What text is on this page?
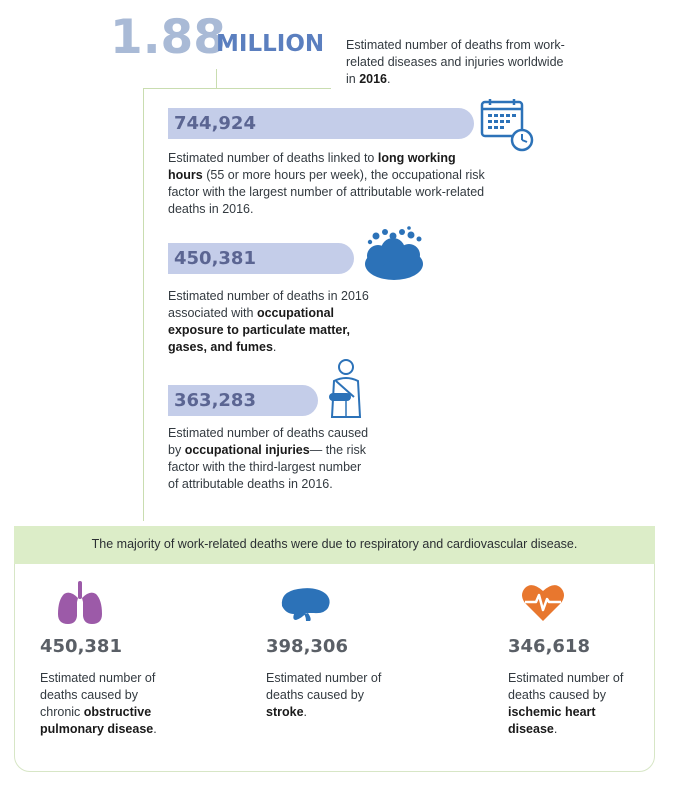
1.88
MILLION Estimated number of deaths from work-related diseases and injuries worldwide in 2016.
744,924
Estimated number of deaths linked to long working hours (55 or more hours per week), the occupational risk factor with the largest number of attributable work-related deaths in 2016.
450,381
Estimated number of deaths in 2016 associated with occupational exposure to particulate matter, gases, and fumes.
363,283
Estimated number of deaths caused by occupational injuries— the risk factor with the third-largest number of attributable deaths in 2016.
The majority of work-related deaths were due to respiratory and cardiovascular disease.
450,381
Estimated number of deaths caused by chronic obstructive pulmonary disease.
398,306
Estimated number of deaths caused by stroke.
346,618
Estimated number of deaths caused by ischemic heart disease.
